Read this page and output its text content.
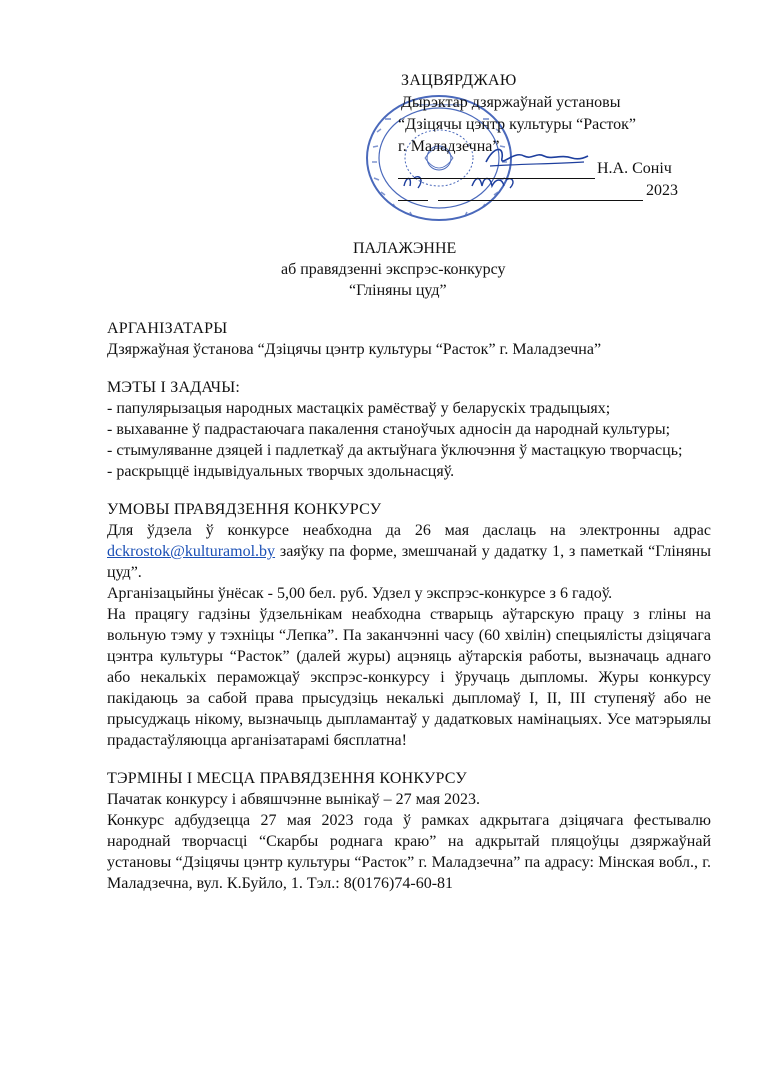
ЗАЦВЯРДЖАЮ
Дырэктар дзяржаўнай установы
“Дзіцячы цэнтр культуры “Расток”
г. Маладзечна”
Н.А. Соніч
2023
ПАЛАЖЭННЕ
аб правядзенні экспрэс-конкурсу
“Гліняны цуд”
АРГАНІЗАТАРЫ

Дзяржаўная ўстанова “Дзіцячы цэнтр культуры “Расток” г. Маладзечна”

МЭТЫ І ЗАДАЧЫ:

- папулярызацыя народных мастацкіх рамёстваў у беларускіх традыцыях;

- выхаванне ў падрастаючага пакалення станоўчых адносін да народнай культуры;

- стымуляванне дзяцей і падлеткаў да актыўнага ўключэння ў мастацкую творчасць;

- раскрыццё індывідуальных творчых здольнасцяў.

УМОВЫ ПРАВЯДЗЕННЯ КОНКУРСУ

Для ўдзела ў конкурсе неабходна да 26 мая даслаць на электронны адрас dckrostok@kulturamol.by заяўку па форме, змешчанай у дадатку 1, з паметкай “Гліняны цуд”.

Арганізацыйны ўнёсак - 5,00 бел. руб. Удзел у экспрэс-конкурсе з 6 гадоў.

На працягу гадзіны ўдзельнікам неабходна стварыць аўтарскую працу з гліны на вольную тэму у тэхніцы “Лепка”. Па заканчэнні часу (60 хвілін) спецыялісты дзіцячага цэнтра культуры “Расток” (далей журы) ацэняць аўтарскія работы, вызначаць аднаго або некалькіх пераможцаў экспрэс-конкурсу і ўручаць дыпломы. Журы конкурсу пакідаюць за сабой права прысудзіць некалькі дыпломаў I, II, III ступеняў або не прысуджаць нікому, вызначыць дыпламантаў у дадатковых намінацыях. Усе матэрыялы прадастаўляюцца арганізатарамі бясплатна!

ТЭРМІНЫ І МЕСЦА ПРАВЯДЗЕННЯ КОНКУРСУ

Пачатак конкурсу і абвяшчэнне вынікаў – 27 мая 2023.

Конкурс адбудзецца 27 мая 2023 года ў рамках адкрытага дзіцячага фестывалю народнай творчасці “Скарбы роднага краю” на адкрытай пляцоўцы дзяржаўнай установы “Дзіцячы цэнтр культуры “Расток” г. Маладзечна” па адрасу: Мінская вобл., г. Маладзечна, вул. К.Буйло, 1. Тэл.: 8(0176)74-60-81
